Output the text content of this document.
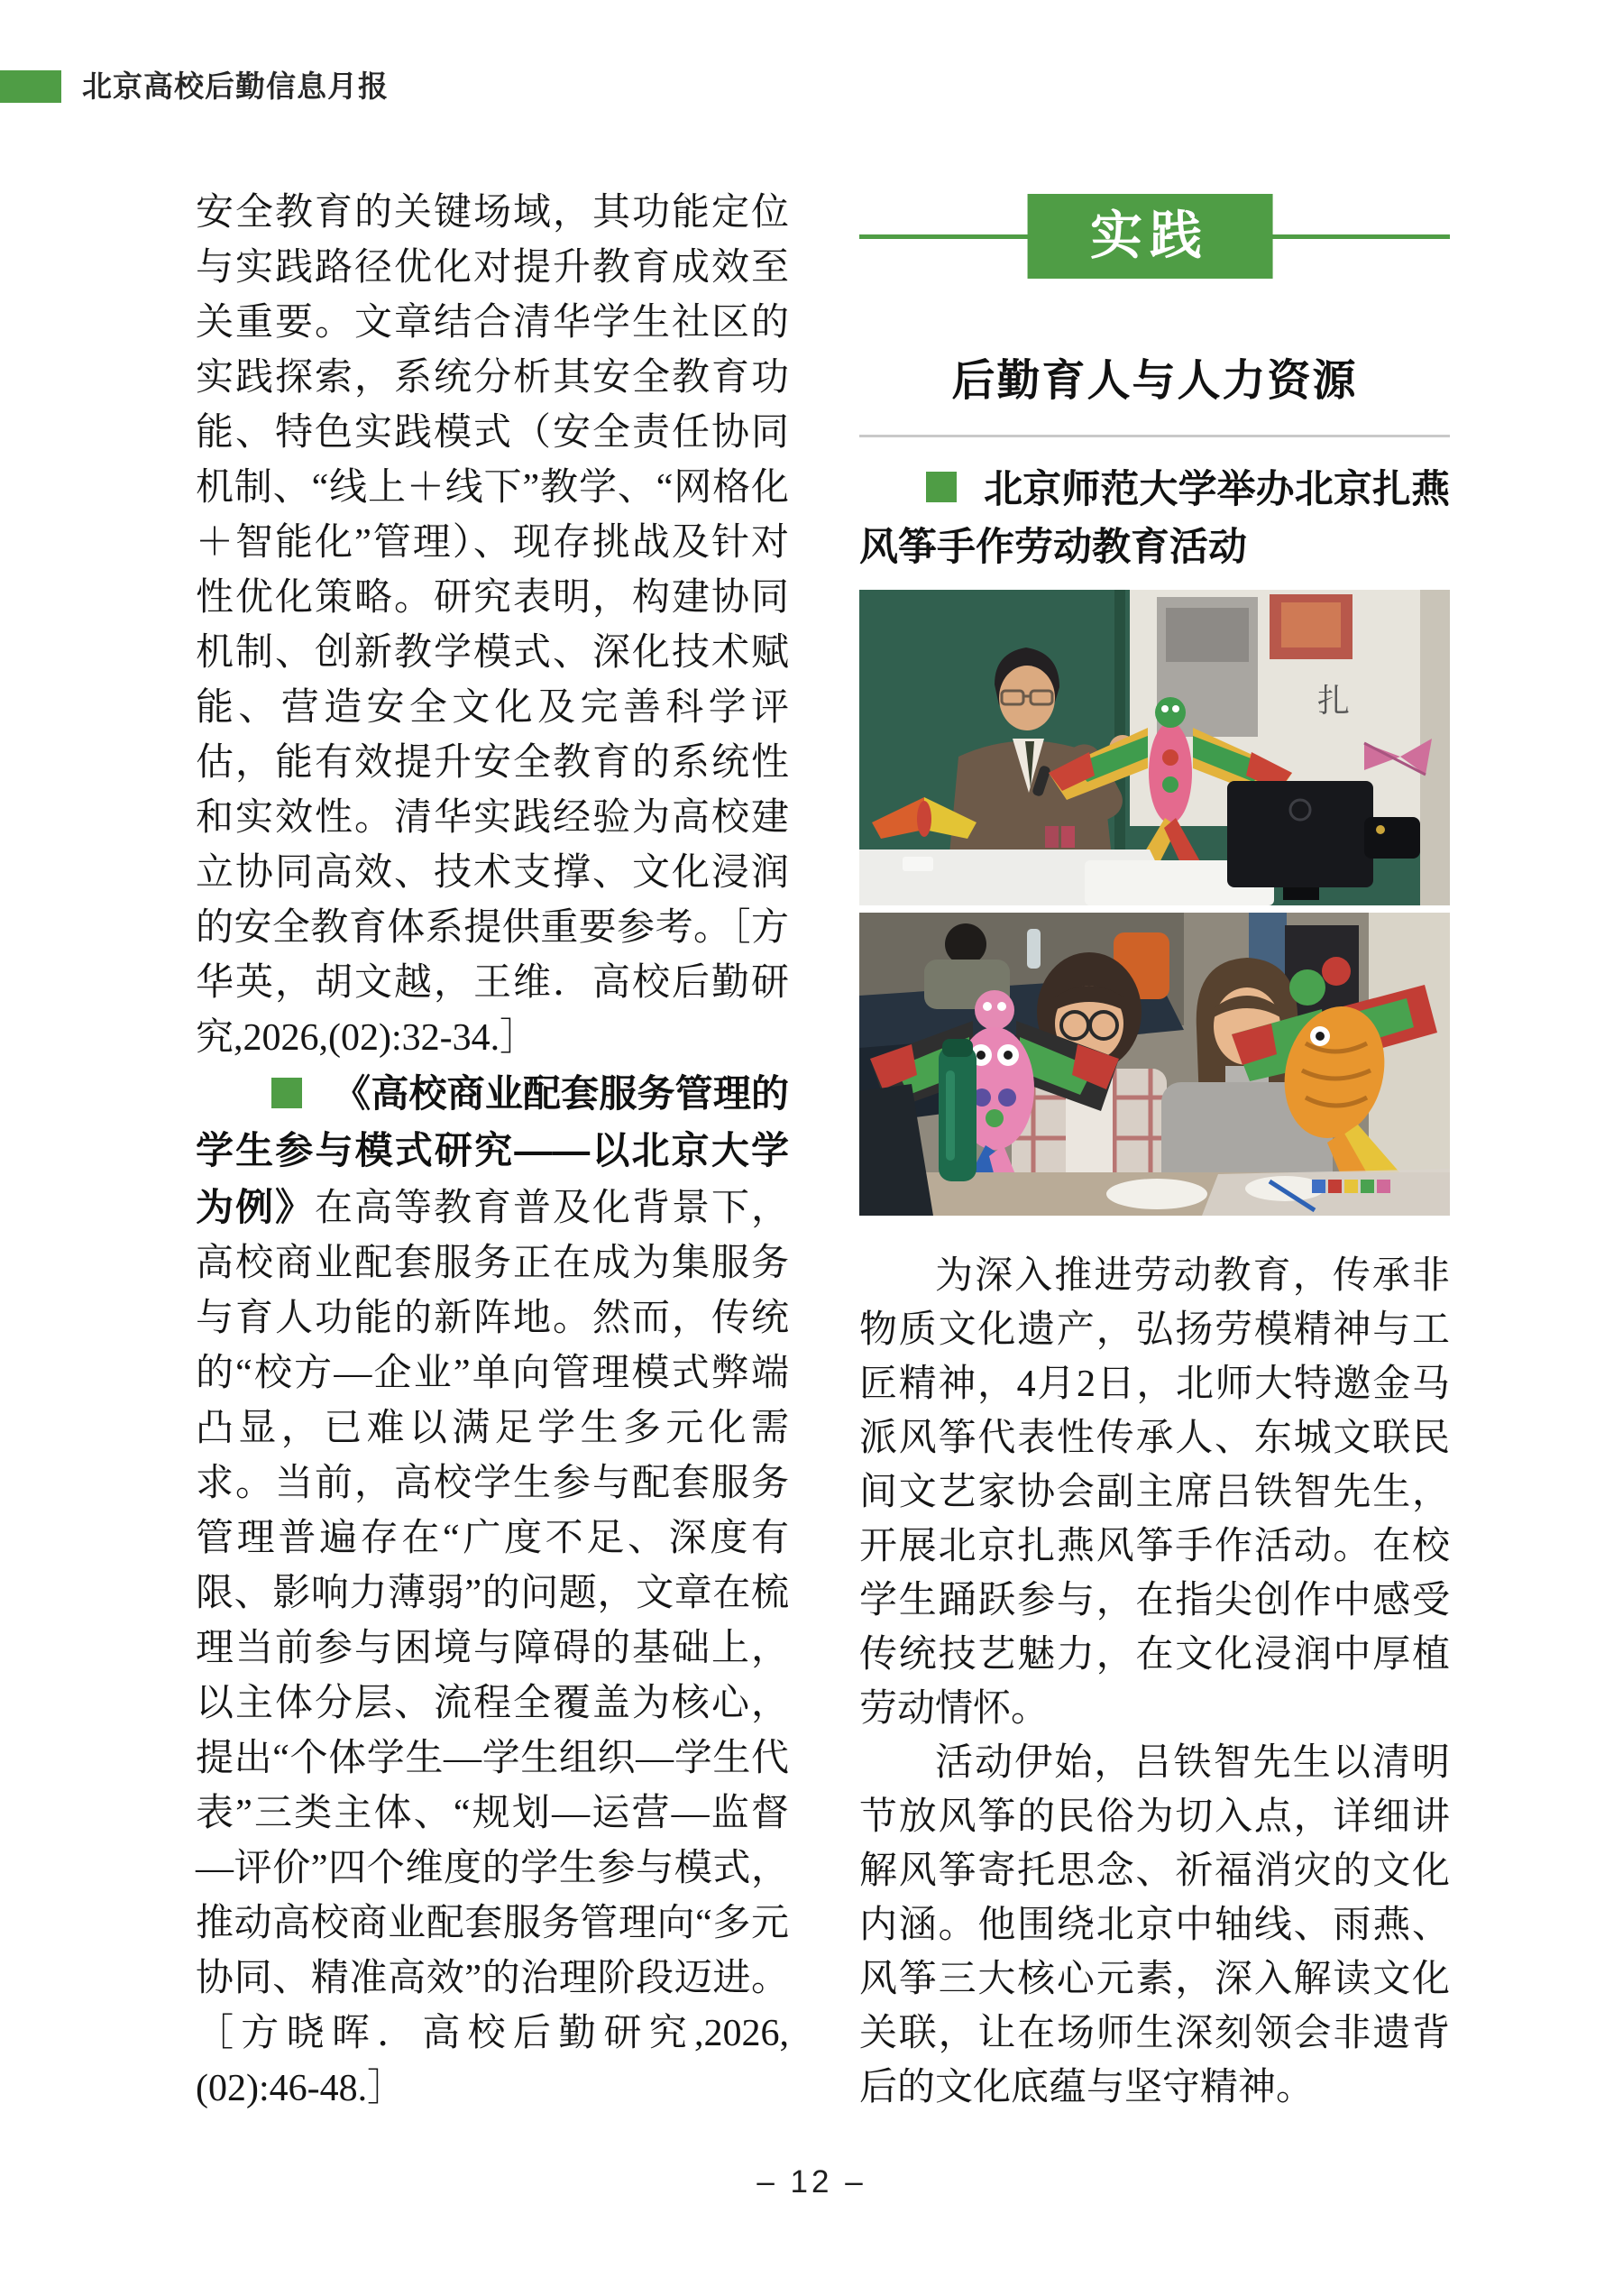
北京高校后勤信息月报

安全教育的关键场域，其功能定位与实践路径优化对提升教育成效至关重要。文章结合清华学生社区的实践探索，系统分析其安全教育功能、特色实践模式（安全责任协同机制、“线上＋线下”教学、“网格化＋智能化”管理）、现存挑战及针对性优化策略。研究表明，构建协同机制、创新教学模式、深化技术赋能、营造安全文化及完善科学评估，能有效提升安全教育的系统性和实效性。清华实践经验为高校建立协同高效、技术支撑、文化浸润的安全教育体系提供重要参考。［方华英，胡文越，王维．高校后勤研究,2026,(02):32-34.］

《高校商业配套服务管理的学生参与模式研究——以北京大学为例》在高等教育普及化背景下，高校商业配套服务正在成为集服务与育人功能的新阵地。然而，传统的“校方—企业”单向管理模式弊端凸显，已难以满足学生多元化需求。当前，高校学生参与配套服务管理普遍存在“广度不足、深度有限、影响力薄弱”的问题，文章在梳理当前参与困境与障碍的基础上，以主体分层、流程全覆盖为核心，提出“个体学生—学生组织—学生代表”三类主体、“规划—运营—监督—评价”四个维度的学生参与模式，推动高校商业配套服务管理向“多元协同、精准高效”的治理阶段迈进。［方晓晖．高校后勤研究,2026,(02):46-48.］

实践
后勤育人与人力资源

北京师范大学举办北京扎燕风筝手作劳动教育活动

扎

为深入推进劳动教育，传承非物质文化遗产，弘扬劳模精神与工匠精神，4月2日，北师大特邀金马派风筝代表性传承人、东城文联民间文艺家协会副主席吕铁智先生，开展北京扎燕风筝手作活动。在校学生踊跃参与，在指尖创作中感受传统技艺魅力，在文化浸润中厚植劳动情怀。

活动伊始，吕铁智先生以清明节放风筝的民俗为切入点，详细讲解风筝寄托思念、祈福消灾的文化内涵。他围绕北京中轴线、雨燕、风筝三大核心元素，深入解读文化关联，让在场师生深刻领会非遗背后的文化底蕴与坚守精神。

– 12 –
